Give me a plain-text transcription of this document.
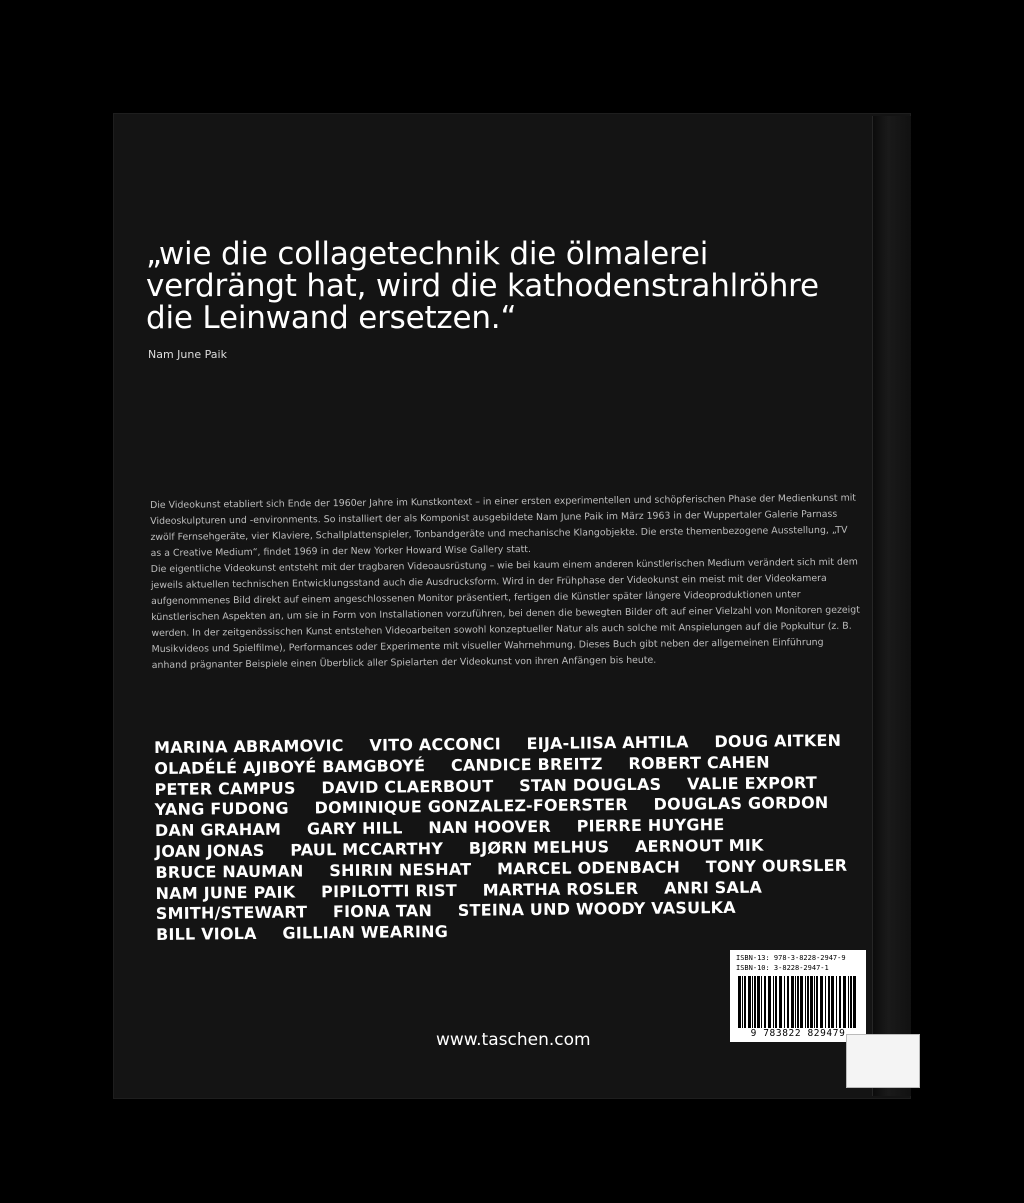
„wie die collagetechnik die ölmalerei verdrängt hat, wird die kathodenstrahlröhre die Leinwand ersetzen.“
Nam June Paik

Die Videokunst etabliert sich Ende der 1960er Jahre im Kunstkontext – in einer ersten experimentellen und schöpferischen Phase der Medienkunst mit Videoskulpturen und -environments. So installiert der als Komponist ausgebildete Nam June Paik im März 1963 in der Wuppertaler Galerie Parnass zwölf Fernsehgeräte, vier Klaviere, Schallplattenspieler, Tonbandgeräte und mechanische Klangobjekte. Die erste themenbezogene Ausstellung, „TV as a Creative Medium“, findet 1969 in der New Yorker Howard Wise Gallery statt.

Die eigentliche Videokunst entsteht mit der tragbaren Videoausrüstung – wie bei kaum einem anderen künstlerischen Medium verändert sich mit dem jeweils aktuellen technischen Entwicklungsstand auch die Ausdrucksform. Wird in der Frühphase der Videokunst ein meist mit der Videokamera aufgenommenes Bild direkt auf einem angeschlossenen Monitor präsentiert, fertigen die Künstler später längere Videoproduktionen unter künstlerischen Aspekten an, um sie in Form von Installationen vorzuführen, bei denen die bewegten Bilder oft auf einer Vielzahl von Monitoren gezeigt werden. In der zeitgenössischen Kunst entstehen Videoarbeiten sowohl konzeptueller Natur als auch solche mit Anspielungen auf die Popkultur (z. B. Musikvideos und Spielfilme), Performances oder Experimente mit visueller Wahrnehmung. Dieses Buch gibt neben der allgemeinen Einführung anhand prägnanter Beispiele einen Überblick aller Spielarten der Videokunst von ihren Anfängen bis heute.

MARINA ABRAMOVIC VITO ACCONCI EIJA-LIISA AHTILA DOUG AITKEN OLADÉLÉ AJIBOYÉ BAMGBOYÉ CANDICE BREITZ ROBERT CAHEN PETER CAMPUS DAVID CLAERBOUT STAN DOUGLAS VALIE EXPORT YANG FUDONG DOMINIQUE GONZALEZ-FOERSTER DOUGLAS GORDON DAN GRAHAM GARY HILL NAN HOOVER PIERRE HUYGHE JOAN JONAS PAUL MCCARTHY BJØRN MELHUS AERNOUT MIK BRUCE NAUMAN SHIRIN NESHAT MARCEL ODENBACH TONY OURSLER NAM JUNE PAIK PIPILOTTI RIST MARTHA ROSLER ANRI SALA SMITH/STEWART FIONA TAN STEINA UND WOODY VASULKA BILL VIOLA GILLIAN WEARING
www.taschen.com
ISBN-13: 978-3-8228-2947-9
ISBN-10: 3-8228-2947-1
9 783822 829479
